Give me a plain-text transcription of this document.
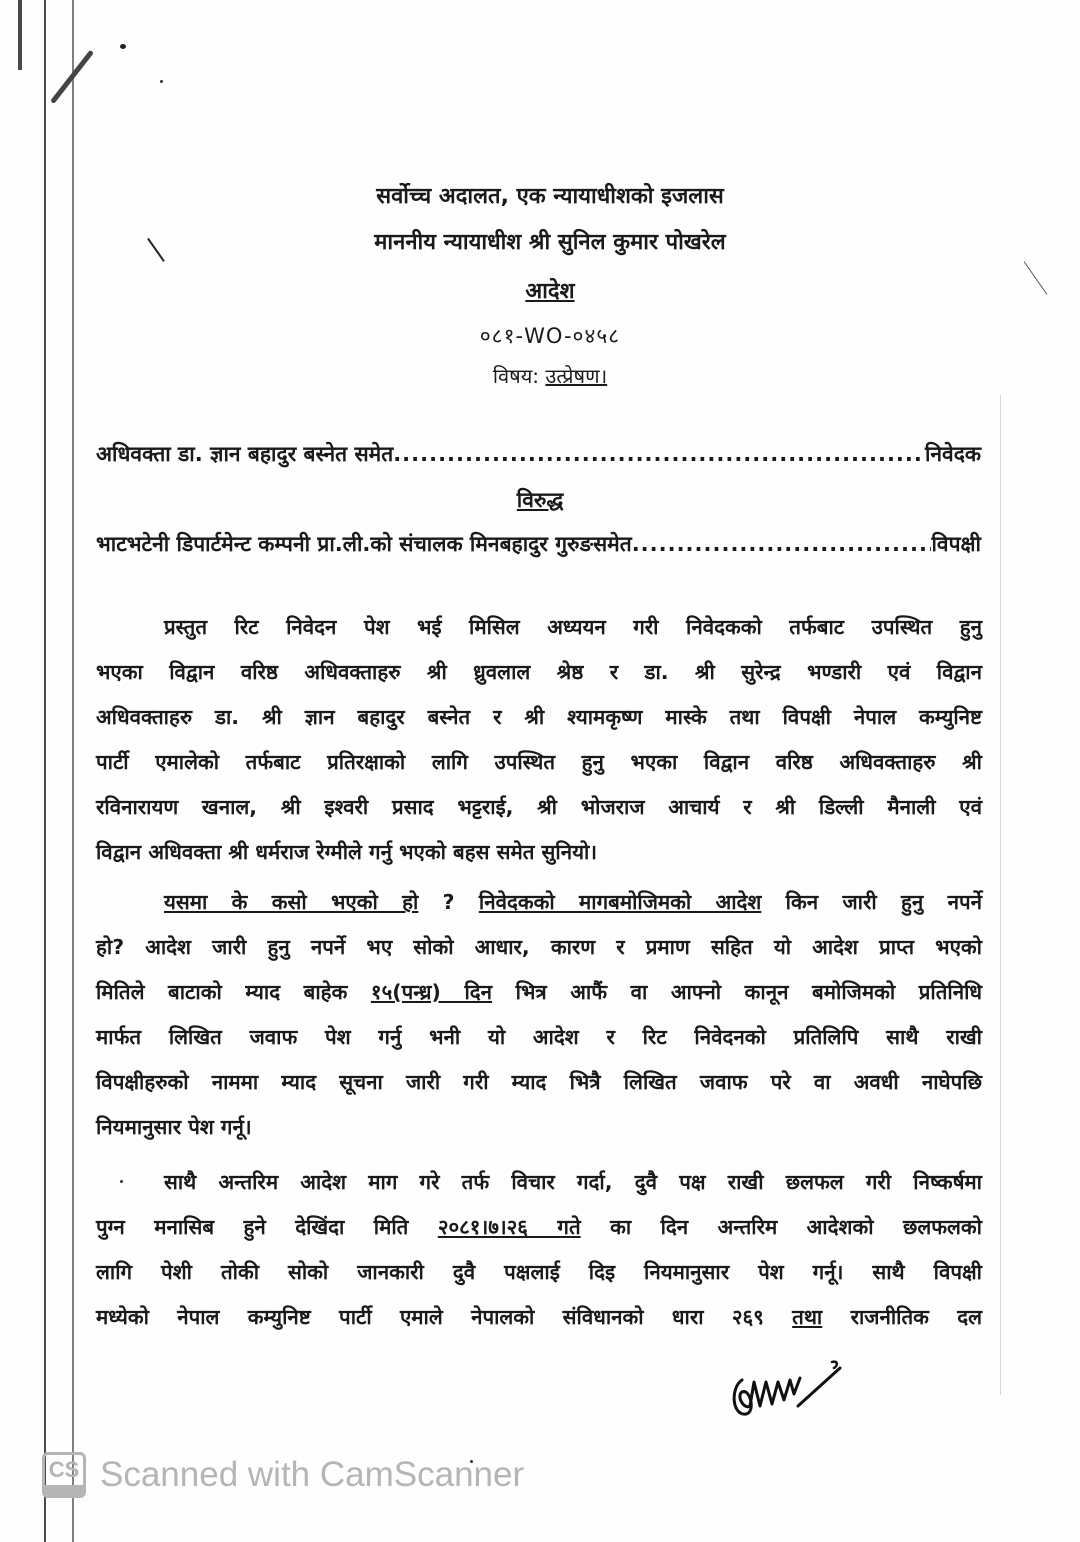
सर्वोच्च अदालत, एक न्यायाधीशको इजलास
माननीय न्यायाधीश श्री सुनिल कुमार पोखरेल
आदेश
०८१-WO-०४५८
विषय: उत्प्रेषण।
अधिवक्ता डा. ज्ञान बहादुर बस्नेत समेत .....	निवेदक
विरुद्ध
भाटभटेनी डिपार्टमेन्ट कम्पनी प्रा.ली.को संचालक मिनबहादुर गुरुङसमेत .....	विपक्षी
प्रस्तुत रिट निवेदन पेश भई मिसिल अध्ययन गरी निवेदकको तर्फबाट उपस्थित हुनु
भएका विद्वान वरिष्ठ अधिवक्ताहरु श्री ध्रुवलाल श्रेष्ठ र डा. श्री सुरेन्द्र भण्डारी एवं विद्वान
अधिवक्ताहरु डा. श्री ज्ञान बहादुर बस्नेत र श्री श्यामकृष्ण मास्के तथा विपक्षी नेपाल कम्युनिष्ट
पार्टी एमालेको तर्फबाट प्रतिरक्षाको लागि उपस्थित हुनु भएका विद्वान वरिष्ठ अधिवक्ताहरु श्री
रविनारायण खनाल, श्री इश्वरी प्रसाद भट्टराई, श्री भोजराज आचार्य र श्री डिल्ली मैनाली एवं
विद्वान अधिवक्ता श्री धर्मराज रेग्मीले गर्नु भएको बहस समेत सुनियो।
यसमा के कसो भएको हो ? निवेदकको मागबमोजिमको आदेश किन जारी हुनु नपर्ने
हो? आदेश जारी हुनु नपर्ने भए सोको आधार, कारण र प्रमाण सहित यो आदेश प्राप्त भएको
मितिले बाटाको म्याद बाहेक १५(पन्ध्र) दिन भित्र आफैं वा आफ्नो कानून बमोजिमको प्रतिनिधि
मार्फत लिखित जवाफ पेश गर्नु भनी यो आदेश र रिट निवेदनको प्रतिलिपि साथै राखी
विपक्षीहरुको नाममा म्याद सूचना जारी गरी म्याद भित्रै लिखित जवाफ परे वा अवधी नाघेपछि
नियमानुसार पेश गर्नू।
साथै अन्तरिम आदेश माग गरे तर्फ विचार गर्दा, दुवै पक्ष राखी छलफल गरी निष्कर्षमा
पुग्न मनासिब हुने देखिंदा मिति २०८१।७।२६ गते का दिन अन्तरिम आदेशको छलफलको
लागि पेशी तोकी सोको जानकारी दुवै पक्षलाई दिइ नियमानुसार पेश गर्नू। साथै विपक्षी
मध्येको नेपाल कम्युनिष्ट पार्टी एमाले नेपालको संविधानको धारा २६९ तथा राजनीतिक दल
CS Scanned with CamScanner
